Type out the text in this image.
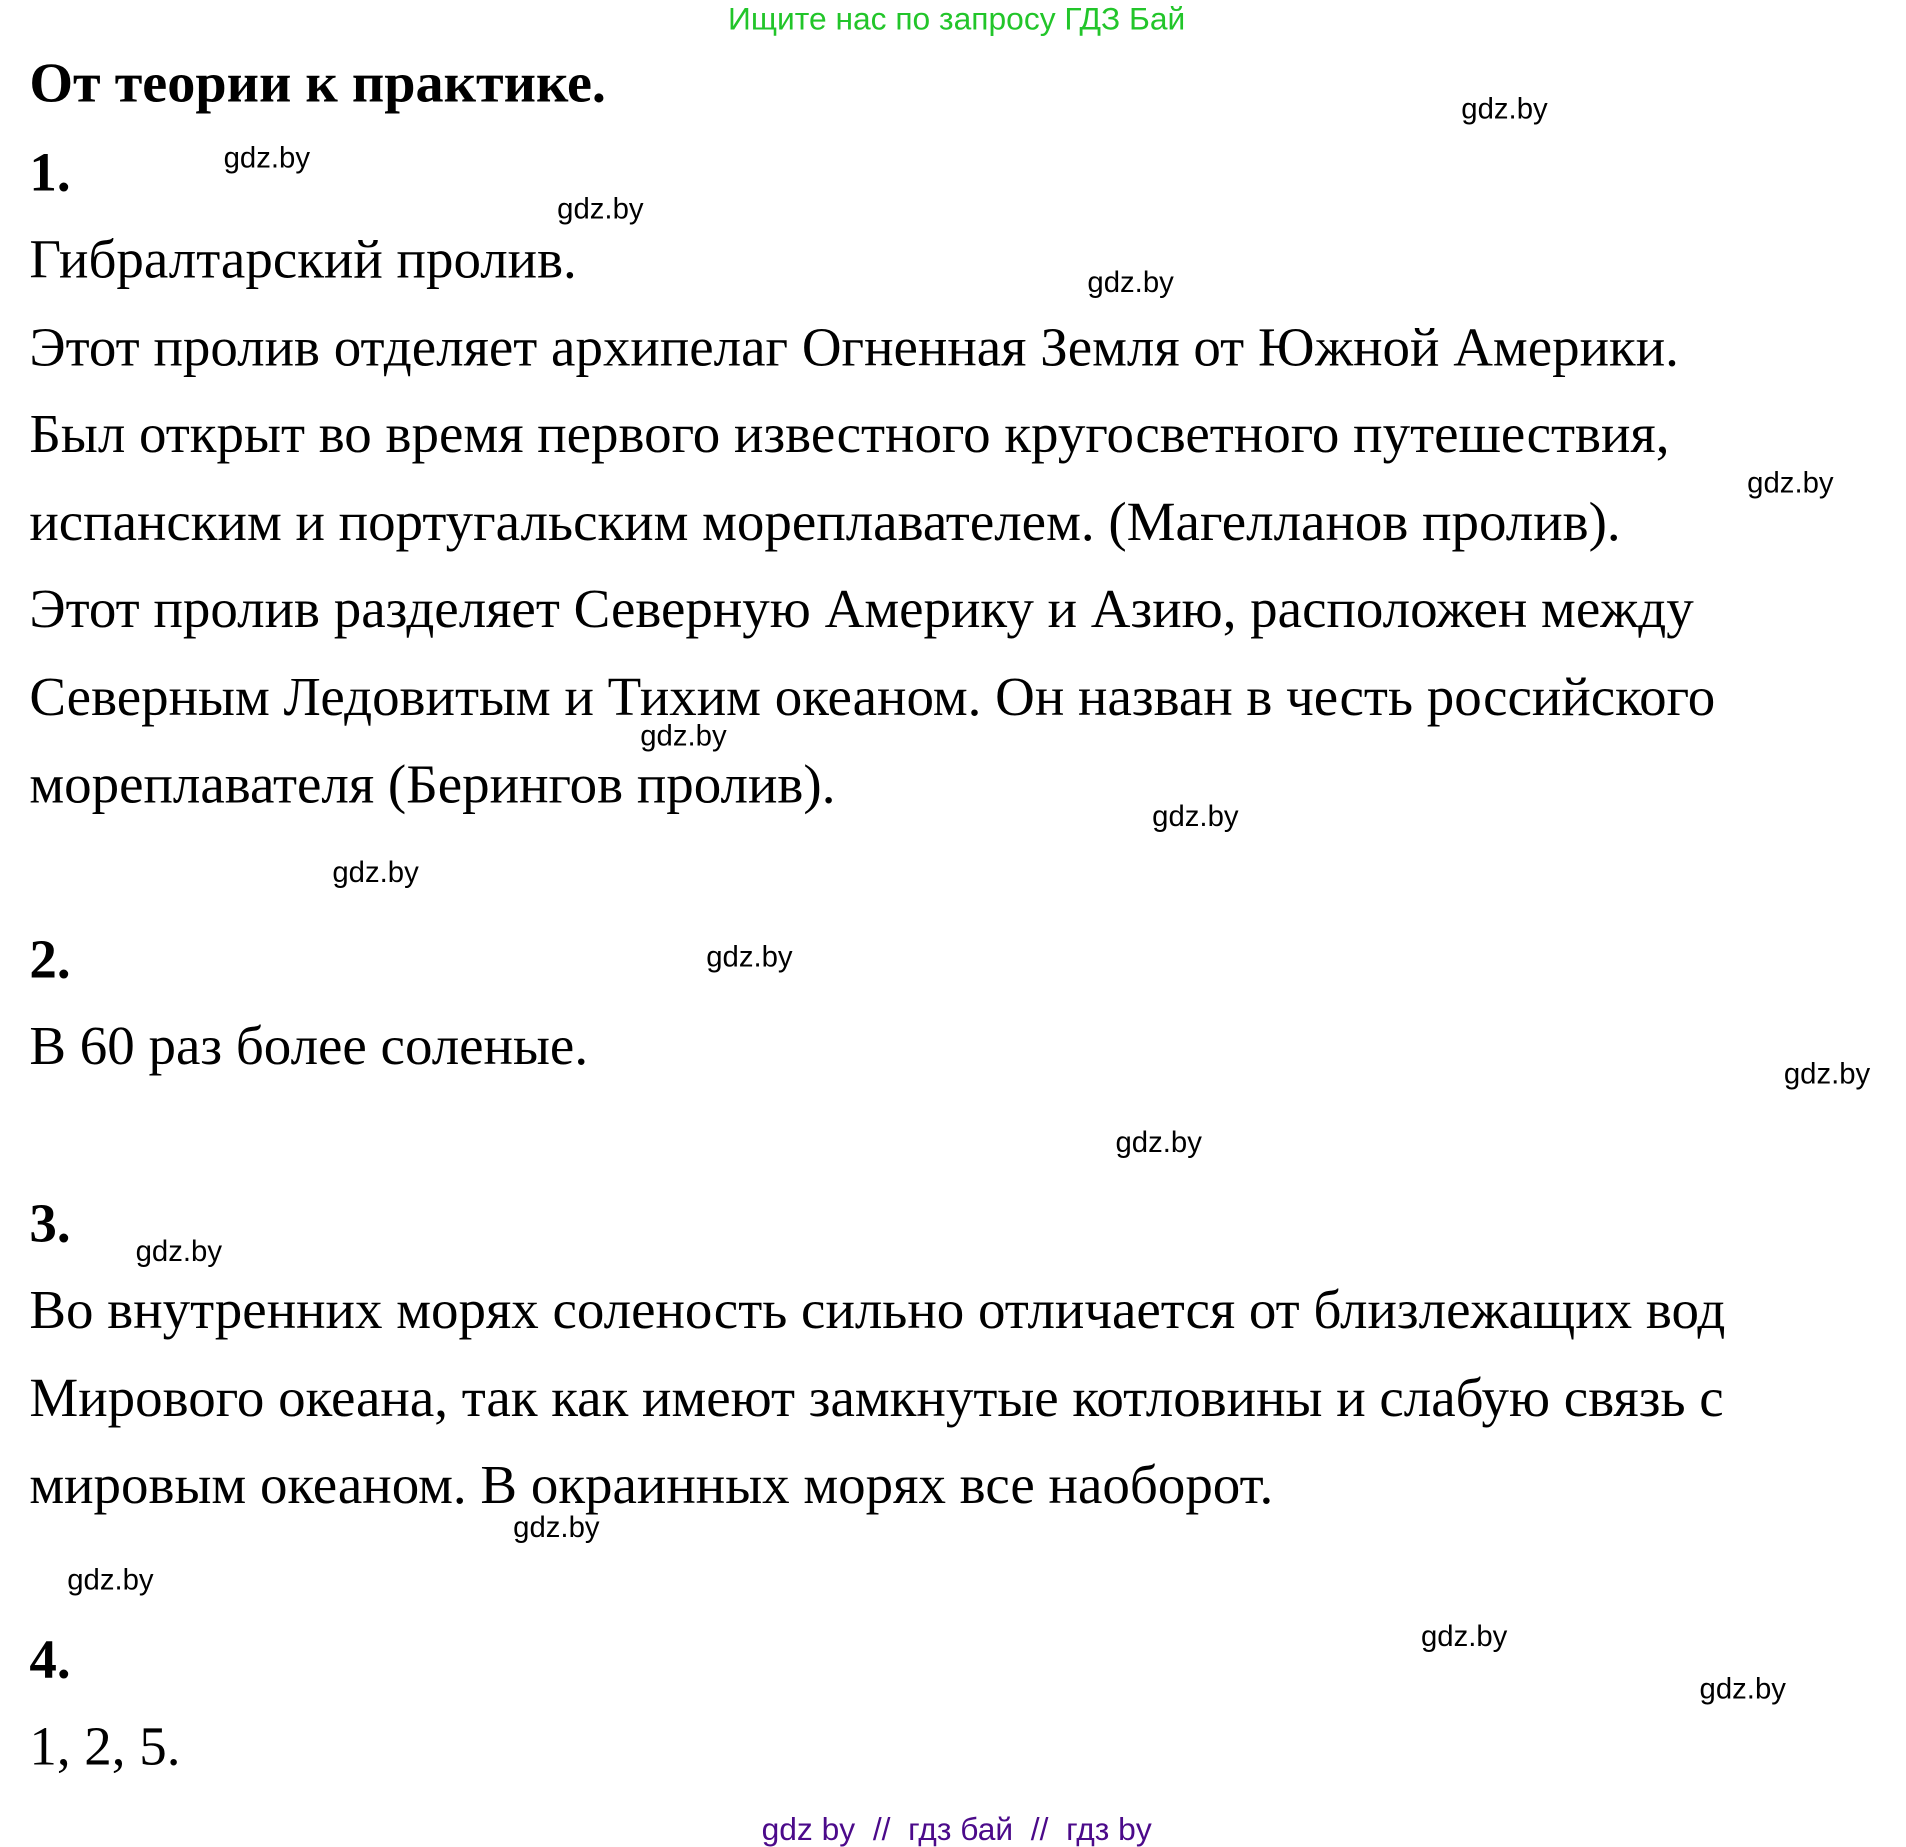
Ищите нас по запросу ГДЗ Бай
От теории к практике.
1.
Гибралтарский пролив.
Этот пролив отделяет архипелаг Огненная Земля от Южной Америки.
Был открыт во время первого известного кругосветного путешествия,
испанским и португальским мореплавателем. (Магелланов пролив).
Этот пролив разделяет Северную Америку и Азию, расположен между
Северным Ледовитым и Тихим океаном. Он назван в честь российского
мореплавателя (Берингов пролив).
2.
В 60 раз более соленые.
3.
Во внутренних морях соленость сильно отличается от близлежащих вод
Мирового океана, так как имеют замкнутые котловины и слабую связь с
мировым океаном. В окраинных морях все наоборот.
4.
1, 2, 5.
gdz.by
gdz.by
gdz.by
gdz.by
gdz.by
gdz.by
gdz.by
gdz.by
gdz.by
gdz.by
gdz.by
gdz.by
gdz.by
gdz.by
gdz.by
gdz.by
gdz by  //  гдз бай  //  гдз by
